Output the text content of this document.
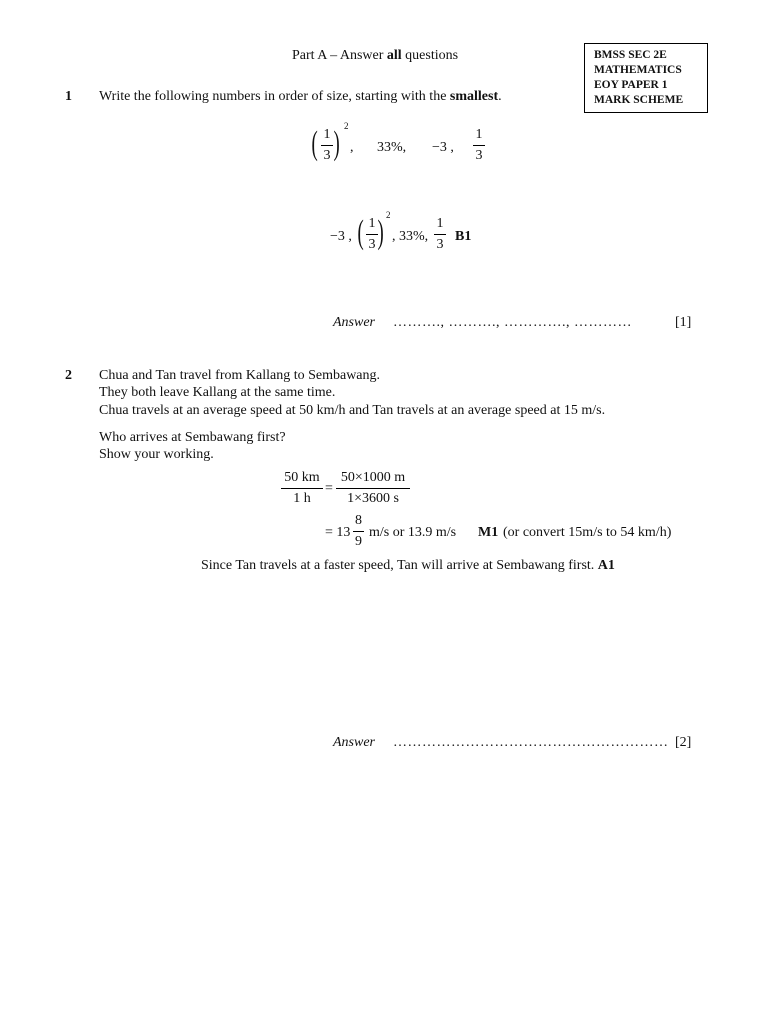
Part A – Answer all questions	BMSS SEC 2E
MATHEMATICS
EOY PAPER 1
MARK SCHEME
1 Write the following numbers in order of size, starting with the smallest.
( 1
3 ) 2
, 33%, −3 ,
1
3
−3 , ( 1
3 ) 2
, 33%,
1
3
B1
Answer ………., ………., …………., …………	[1]
2 Chua and Tan travel from Kallang to Sembawang.
They both leave Kallang at the same time.
Chua travels at an average speed at 50 km/h and Tan travels at an average speed at 15 m/s.
Who arrives at Sembawang first?
Show your working.
50 km
1 h
=
50×1000 m
1×3600 s
= 13
8
9
m/s or 13.9 m/s M1 (or convert 15m/s to 54 km/h)
Since Tan travels at a faster speed, Tan will arrive at Sembawang first. A1
Answer ………………………………………………… [2]
